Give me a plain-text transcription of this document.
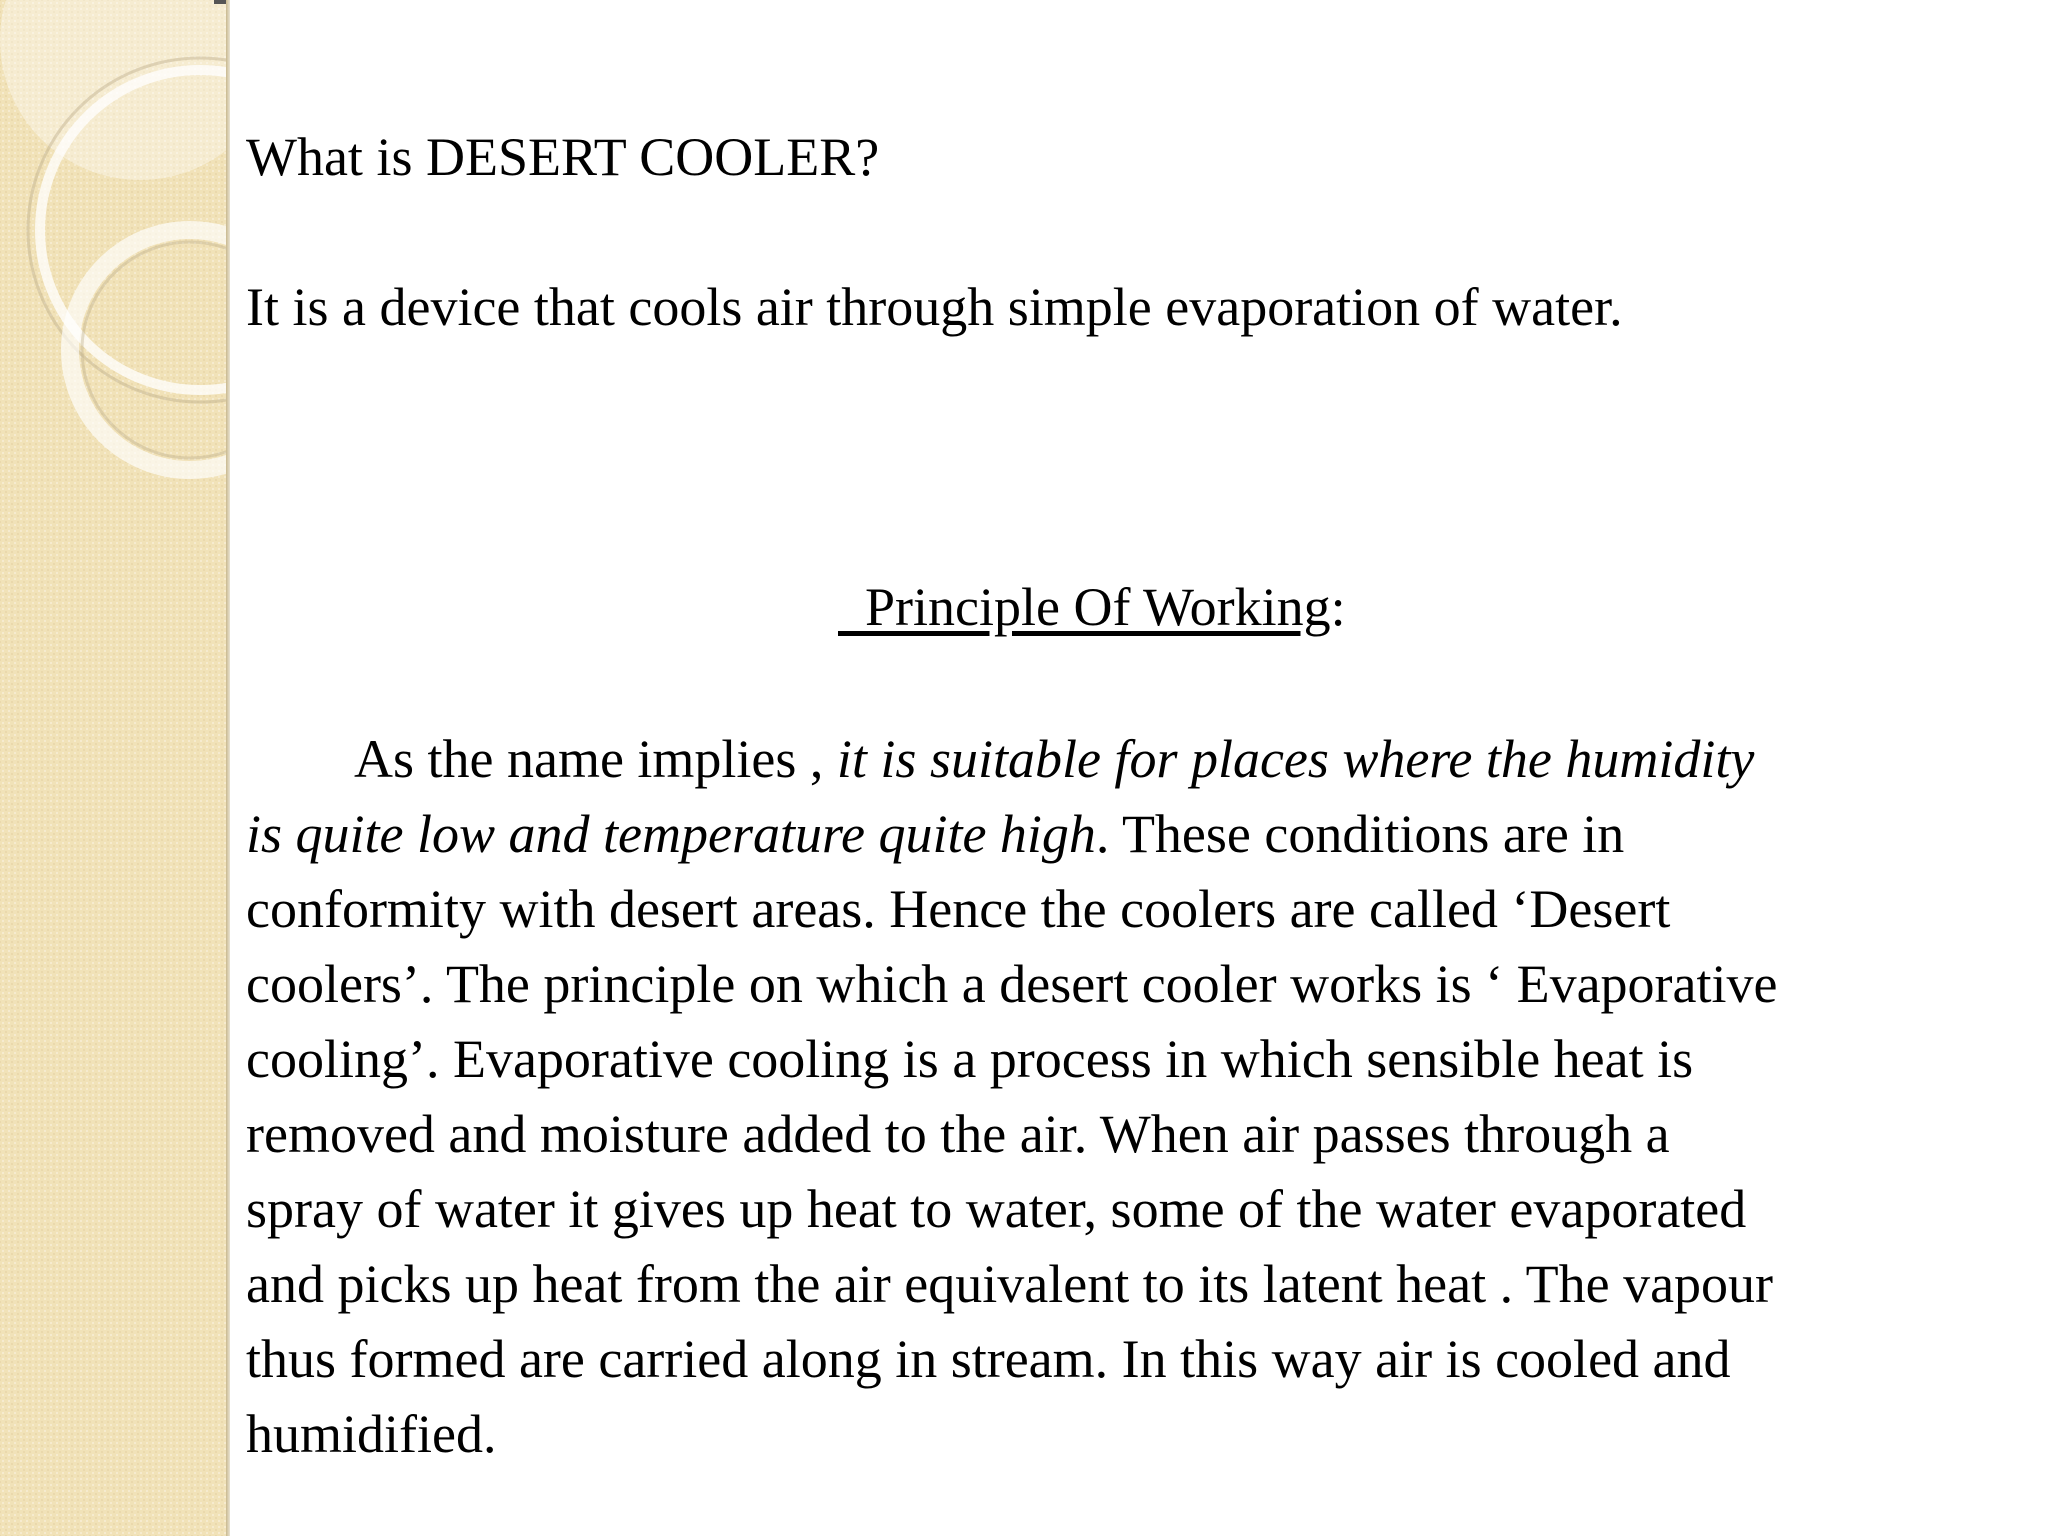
What is DESERT COOLER?
It is a device that cools air through simple evaporation of water.
Principle Of Working:
As the name implies , it is suitable for places where the humidity
is quite low and temperature quite high. These conditions are in
conformity with desert areas. Hence the coolers are called ‘Desert
coolers’. The principle on which a desert cooler works is ‘ Evaporative
cooling’. Evaporative cooling is a process in which sensible heat is
removed and moisture added to the air. When air passes through a
spray of water it gives up heat to water, some of the water evaporated
and picks up heat from the air equivalent to its latent heat . The vapour
thus formed are carried along in stream. In this way air is cooled and
humidified.
